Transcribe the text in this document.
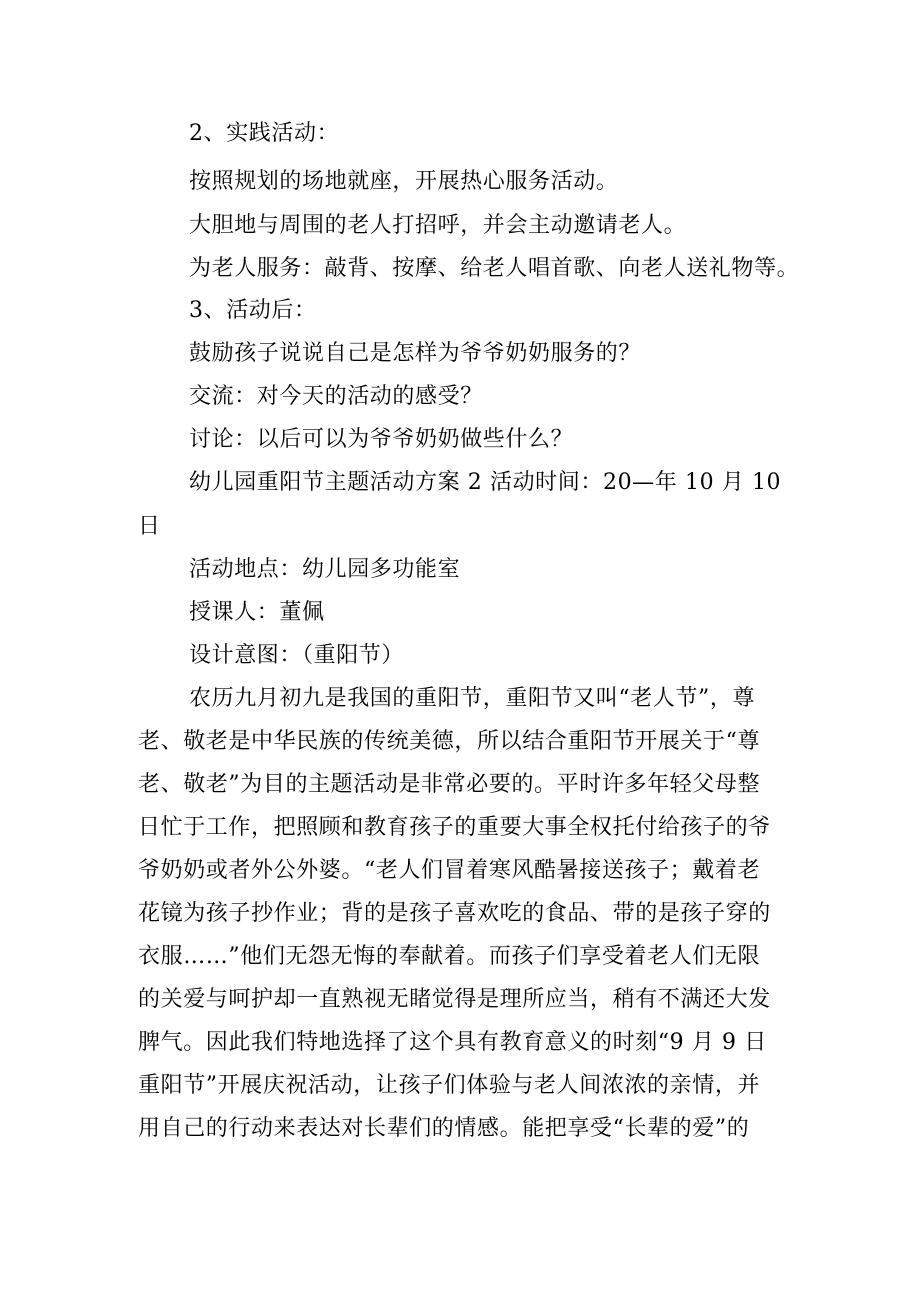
2、实践活动：
按照规划的场地就座，开展热心服务活动。
大胆地与周围的老人打招呼，并会主动邀请老人。
为老人服务：敲背、按摩、给老人唱首歌、向老人送礼物等。
3、活动后：
鼓励孩子说说自己是怎样为爷爷奶奶服务的？
交流：对今天的活动的感受？
讨论：以后可以为爷爷奶奶做些什么？
幼儿园重阳节主题活动方案 2 活动时间：20—年 10 月 10
日
活动地点：幼儿园多功能室
授课人：董佩
设计意图：（重阳节）
农历九月初九是我国的重阳节，重阳节又叫“老人节”，尊
老、敬老是中华民族的传统美德，所以结合重阳节开展关于“尊
老、敬老”为目的主题活动是非常必要的。平时许多年轻父母整
日忙于工作，把照顾和教育孩子的重要大事全权托付给孩子的爷
爷奶奶或者外公外婆。“老人们冒着寒风酷暑接送孩子；戴着老
花镜为孩子抄作业；背的是孩子喜欢吃的食品、带的是孩子穿的
衣服……”他们无怨无悔的奉献着。而孩子们享受着老人们无限
的关爱与呵护却一直熟视无睹觉得是理所应当，稍有不满还大发
脾气。因此我们特地选择了这个具有教育意义的时刻“9 月 9 日
重阳节”开展庆祝活动，让孩子们体验与老人间浓浓的亲情，并
用自己的行动来表达对长辈们的情感。能把享受“长辈的爱”的
